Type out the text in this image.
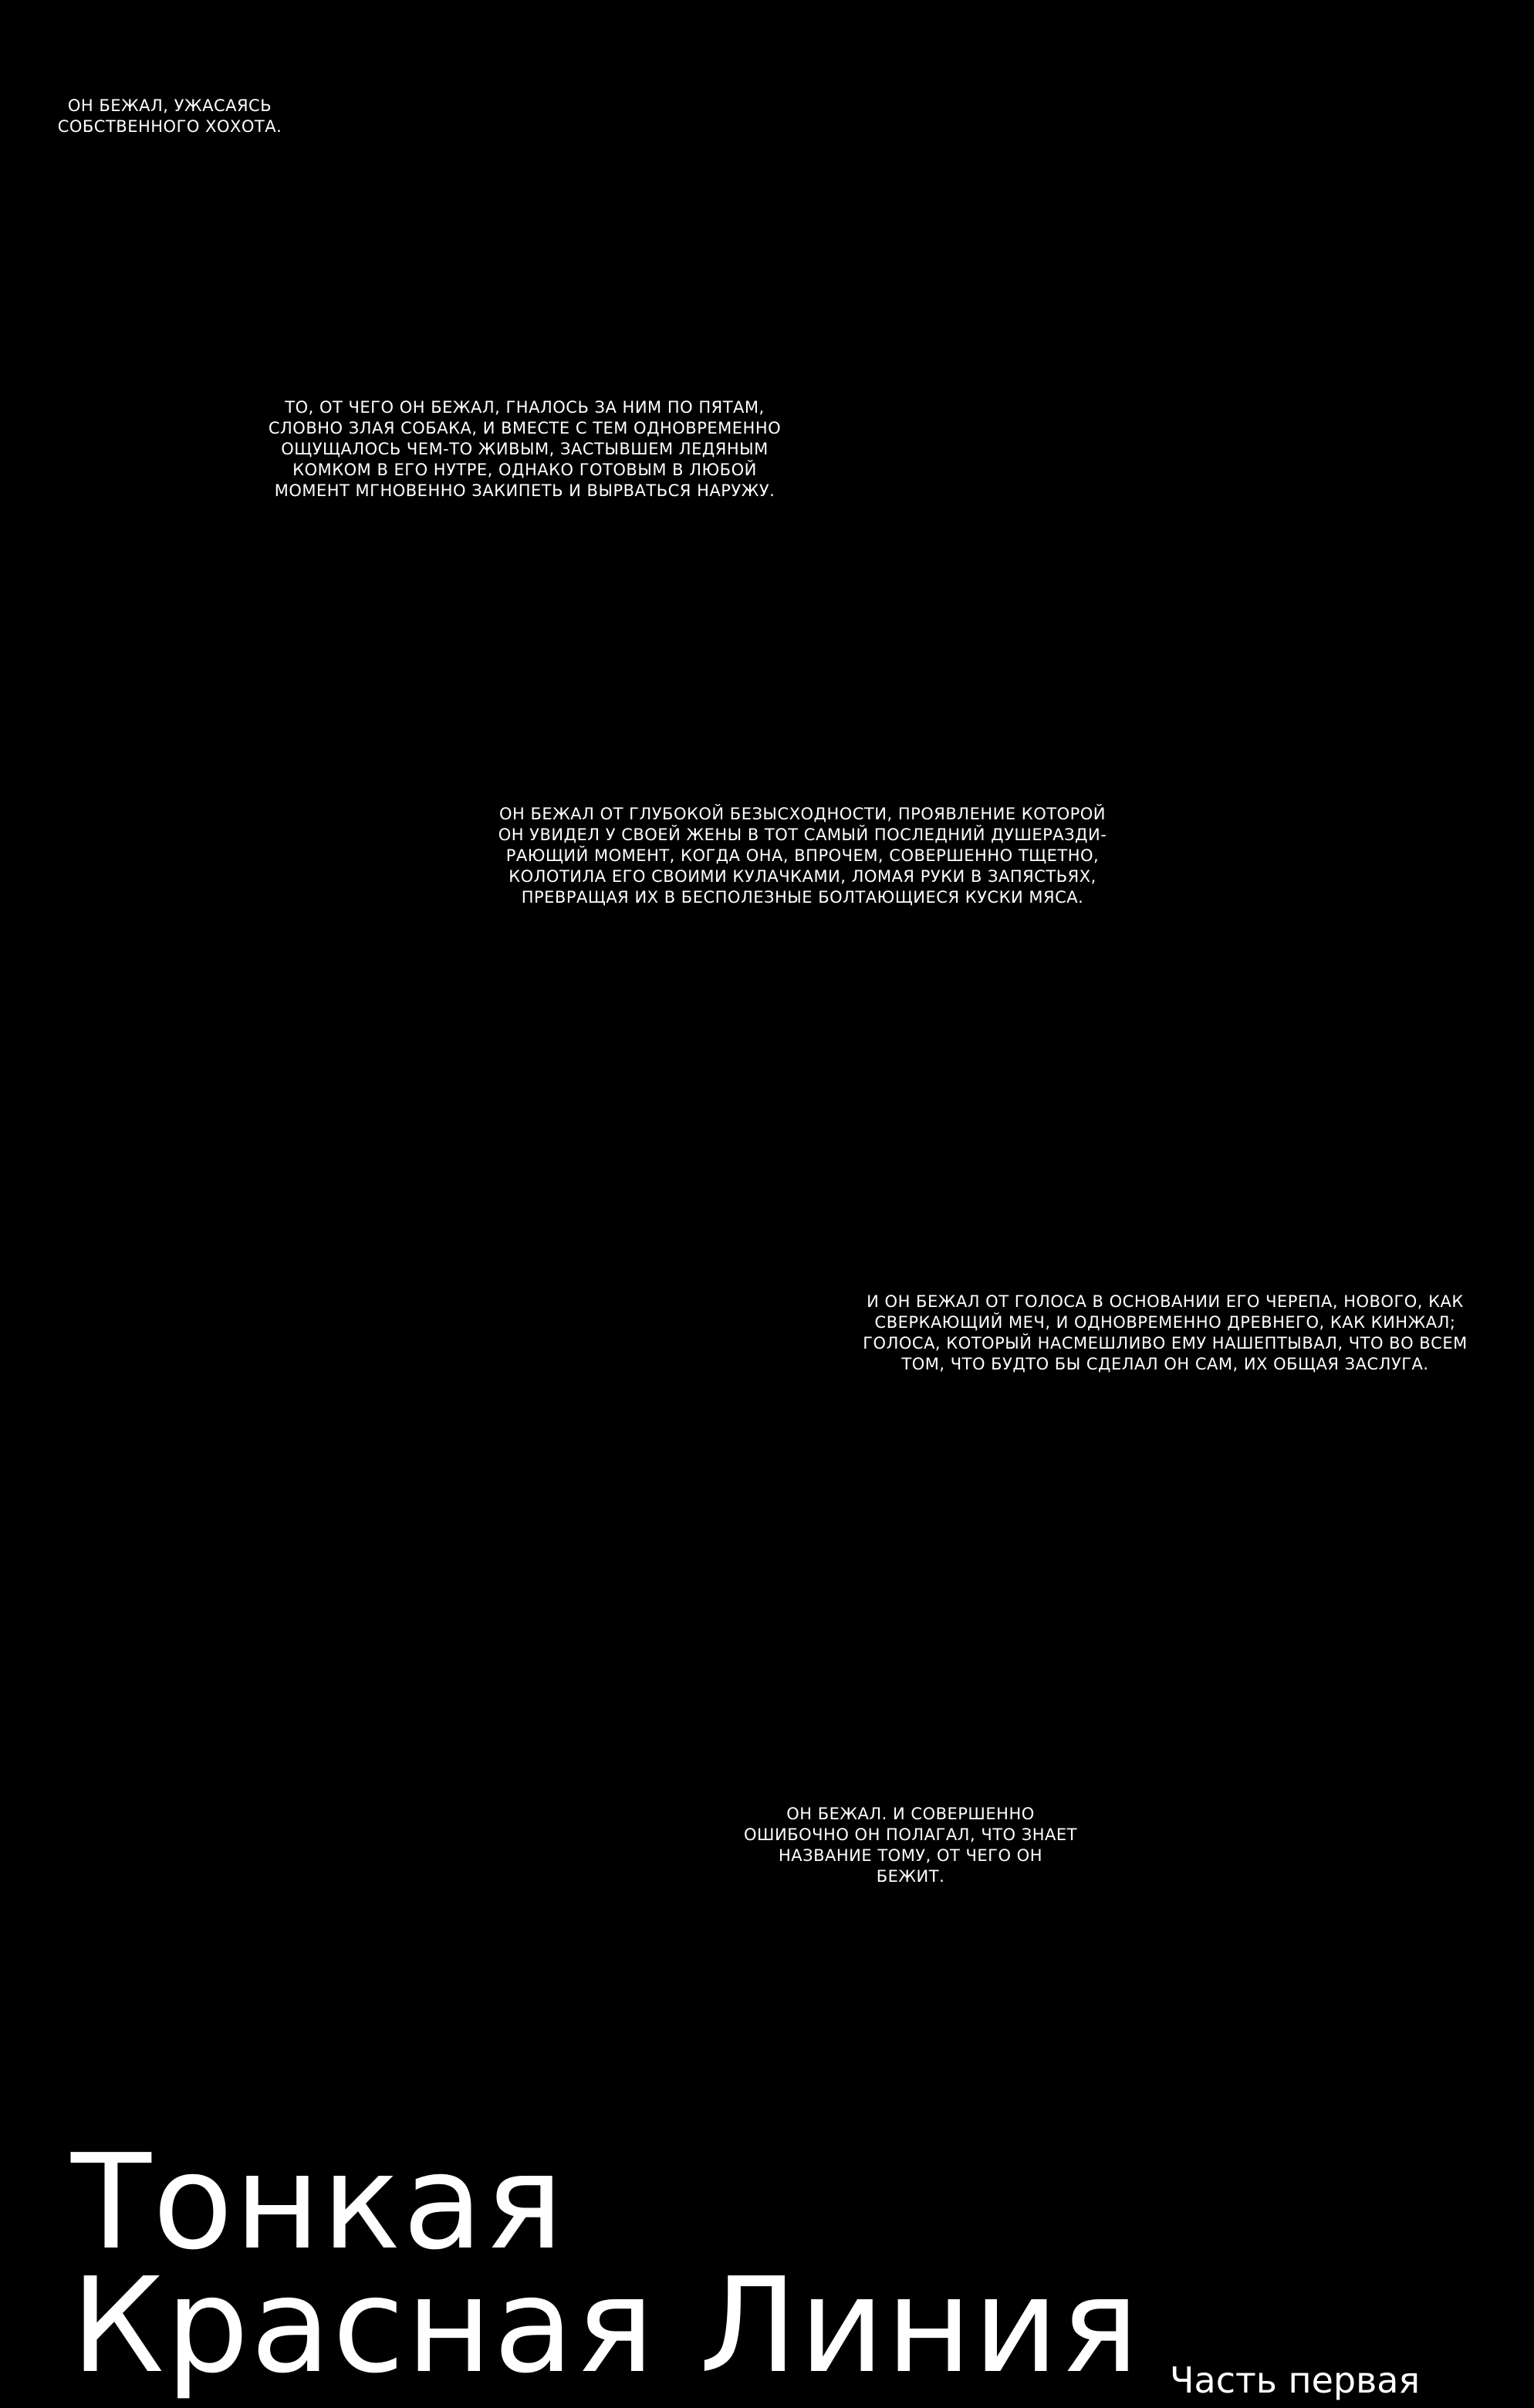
ОН БЕЖАЛ, УЖАСАЯСЬ
СОБСТВЕННОГО ХОХОТА.
ТО, ОТ ЧЕГО ОН БЕЖАЛ, ГНАЛОСЬ ЗА НИМ ПО ПЯТАМ,
СЛОВНО ЗЛАЯ СОБАКА, И ВМЕСТЕ С ТЕМ ОДНОВРЕМЕННО
ОЩУЩАЛОСЬ ЧЕМ-ТО ЖИВЫМ, ЗАСТЫВШЕМ ЛЕДЯНЫМ
КОМКОМ В ЕГО НУТРЕ, ОДНАКО ГОТОВЫМ В ЛЮБОЙ
МОМЕНТ МГНОВЕННО ЗАКИПЕТЬ И ВЫРВАТЬСЯ НАРУЖУ.
ОН БЕЖАЛ ОТ ГЛУБОКОЙ БЕЗЫСХОДНОСТИ, ПРОЯВЛЕНИЕ КОТОРОЙ
ОН УВИДЕЛ У СВОЕЙ ЖЕНЫ В ТОТ САМЫЙ ПОСЛЕДНИЙ ДУШЕРАЗДИ-
РАЮЩИЙ МОМЕНТ, КОГДА ОНА, ВПРОЧЕМ, СОВЕРШЕННО ТЩЕТНО,
КОЛОТИЛА ЕГО СВОИМИ КУЛАЧКАМИ, ЛОМАЯ РУКИ В ЗАПЯСТЬЯХ,
ПРЕВРАЩАЯ ИХ В БЕСПОЛЕЗНЫЕ БОЛТАЮЩИЕСЯ КУСКИ МЯСА.
И ОН БЕЖАЛ ОТ ГОЛОСА В ОСНОВАНИИ ЕГО ЧЕРЕПА, НОВОГО, КАК
СВЕРКАЮЩИЙ МЕЧ, И ОДНОВРЕМЕННО ДРЕВНЕГО, КАК КИНЖАЛ;
ГОЛОСА, КОТОРЫЙ НАСМЕШЛИВО ЕМУ НАШЕПТЫВАЛ, ЧТО ВО ВСЕМ
ТОМ, ЧТО БУДТО БЫ СДЕЛАЛ ОН САМ, ИХ ОБЩАЯ ЗАСЛУГА.
ОН БЕЖАЛ. И СОВЕРШЕННО
ОШИБОЧНО ОН ПОЛАГАЛ, ЧТО ЗНАЕТ
НАЗВАНИЕ ТОМУ, ОТ ЧЕГО ОН
БЕЖИТ.
Тонкая
Красная Линия Часть первая
